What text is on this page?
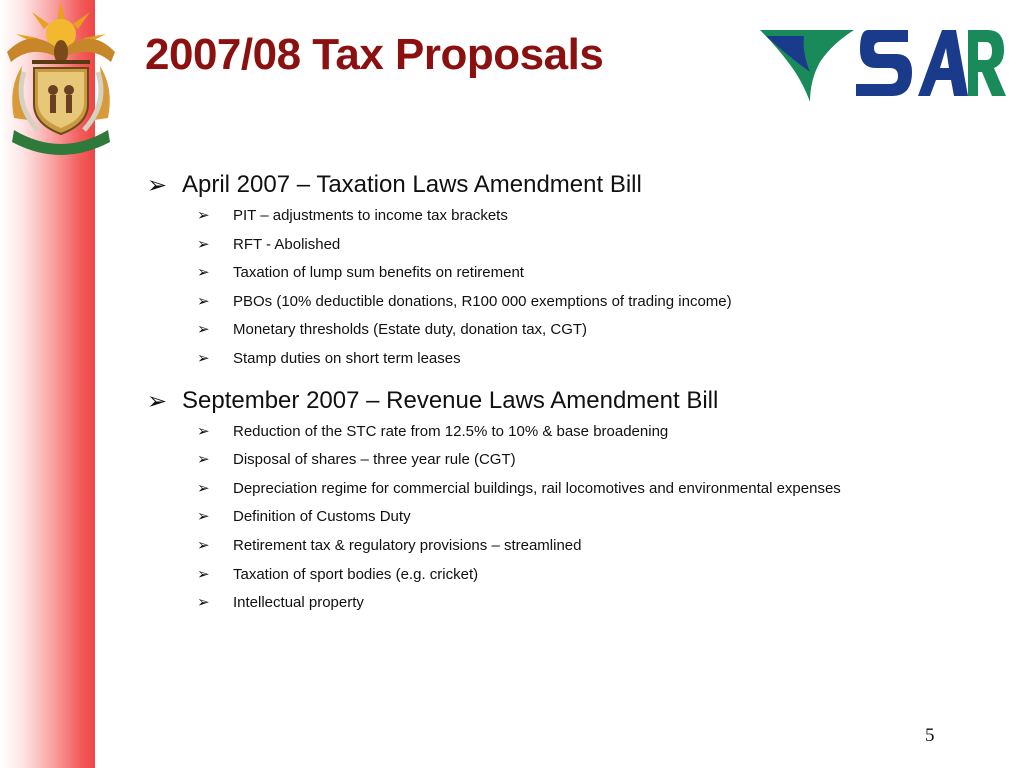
2007/08 Tax Proposals
➢ April 2007 – Taxation Laws Amendment Bill
➢ PIT – adjustments to income tax brackets
➢ RFT - Abolished
➢ Taxation of lump sum benefits on retirement
➢ PBOs (10% deductible donations, R100 000 exemptions of trading income)
➢ Monetary thresholds (Estate duty, donation tax, CGT)
➢ Stamp duties on short term leases
➢ September 2007 – Revenue Laws Amendment Bill
➢ Reduction of the STC rate from 12.5% to 10% & base broadening
➢ Disposal of shares – three year rule (CGT)
➢ Depreciation regime for commercial buildings, rail locomotives and environmental expenses
➢ Definition of Customs Duty
➢ Retirement tax & regulatory provisions – streamlined
➢ Taxation of sport bodies (e.g. cricket)
➢ Intellectual property
5
